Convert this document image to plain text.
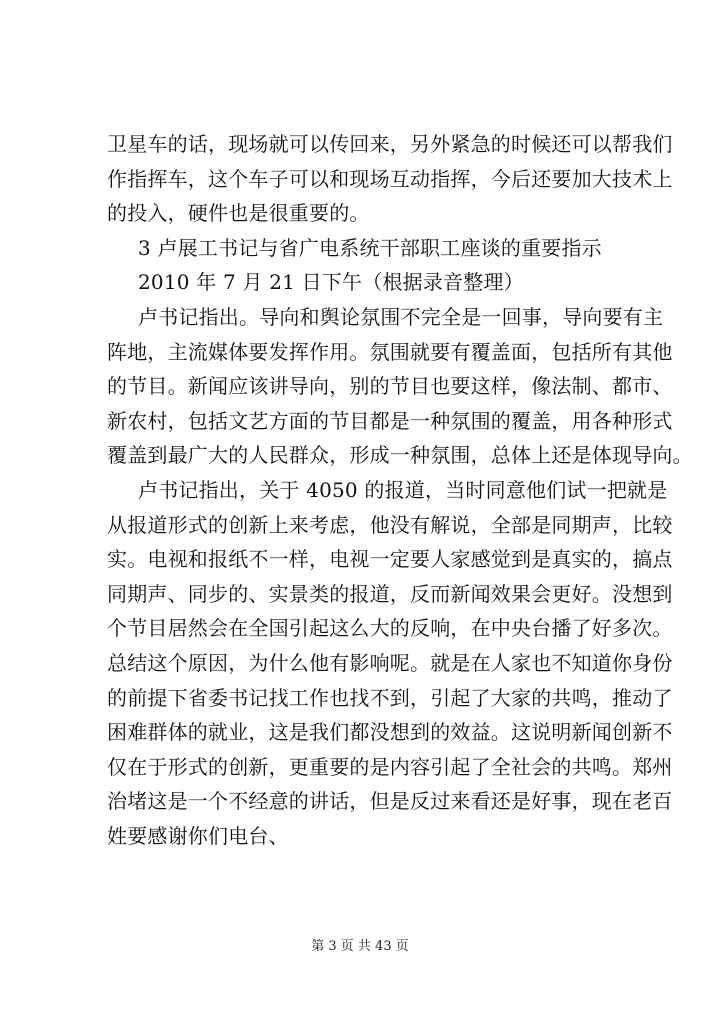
卫星车的话，现场就可以传回来，另外紧急的时候还可以帮我们
作指挥车，这个车子可以和现场互动指挥，今后还要加大技术上
的投入，硬件也是很重要的。
3 卢展工书记与省广电系统干部职工座谈的重要指示
2010 年 7 月 21 日下午（根据录音整理）
卢书记指出。导向和舆论氛围不完全是一回事，导向要有主
阵地，主流媒体要发挥作用。氛围就要有覆盖面，包括所有其他
的节目。新闻应该讲导向，别的节目也要这样，像法制、都市、
新农村，包括文艺方面的节目都是一种氛围的覆盖，用各种形式
覆盖到最广大的人民群众，形成一种氛围，总体上还是体现导向。
卢书记指出，关于 4050 的报道，当时同意他们试一把就是
从报道形式的创新上来考虑，他没有解说，全部是同期声，比较
实。电视和报纸不一样，电视一定要人家感觉到是真实的，搞点
同期声、同步的、实景类的报道，反而新闻效果会更好。没想到
个节目居然会在全国引起这么大的反响，在中央台播了好多次。
总结这个原因，为什么他有影响呢。就是在人家也不知道你身份
的前提下省委书记找工作也找不到，引起了大家的共鸣，推动了
困难群体的就业，这是我们都没想到的效益。这说明新闻创新不
仅在于形式的创新，更重要的是内容引起了全社会的共鸣。郑州
治堵这是一个不经意的讲话，但是反过来看还是好事，现在老百
姓要感谢你们电台、
第 3 页 共 43 页
